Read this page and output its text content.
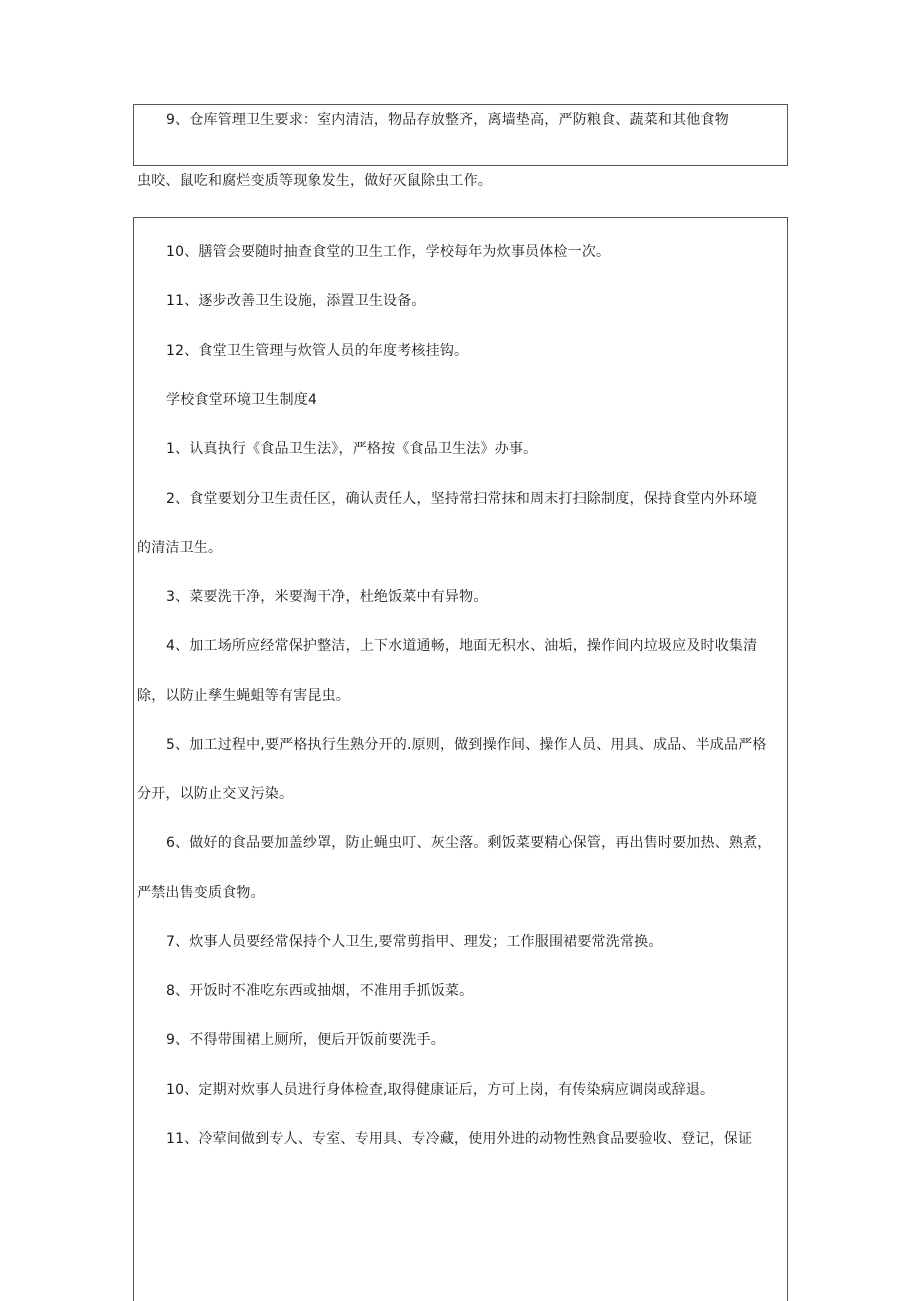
9、仓库管理卫生要求：室内清洁，物品存放整齐，离墙垫高，严防粮食、蔬菜和其他食物
虫咬、鼠吃和腐烂变质等现象发生，做好灭鼠除虫工作。
10、膳管会要随时抽查食堂的卫生工作，学校每年为炊事员体检一次。
11、逐步改善卫生设施，添置卫生设备。
12、食堂卫生管理与炊管人员的年度考核挂钩。
学校食堂环境卫生制度4
1、认真执行《食品卫生法》，严格按《食品卫生法》办事。
2、食堂要划分卫生责任区，确认责任人，坚持常扫常抹和周末打扫除制度，保持食堂内外环境
的清洁卫生。
3、菜要洗干净，米要淘干净，杜绝饭菜中有异物。
4、加工场所应经常保护整洁，上下水道通畅，地面无积水、油垢，操作间内垃圾应及时收集清
除，以防止孳生蝇蛆等有害昆虫。
5、加工过程中,要严格执行生熟分开的.原则，做到操作间、操作人员、用具、成品、半成品严格
分开，以防止交叉污染。
6、做好的食品要加盖纱罩，防止蝇虫叮、灰尘落。剩饭菜要精心保管，再出售时要加热、熟煮，
严禁出售变质食物。
7、炊事人员要经常保持个人卫生,要常剪指甲、理发；工作服围裙要常洗常换。
8、开饭时不准吃东西或抽烟，不准用手抓饭菜。
9、不得带围裙上厕所，便后开饭前要洗手。
10、定期对炊事人员进行身体检查,取得健康证后，方可上岗，有传染病应调岗或辞退。
11、冷荤间做到专人、专室、专用具、专冷藏，使用外进的动物性熟食品要验收、登记，保证
